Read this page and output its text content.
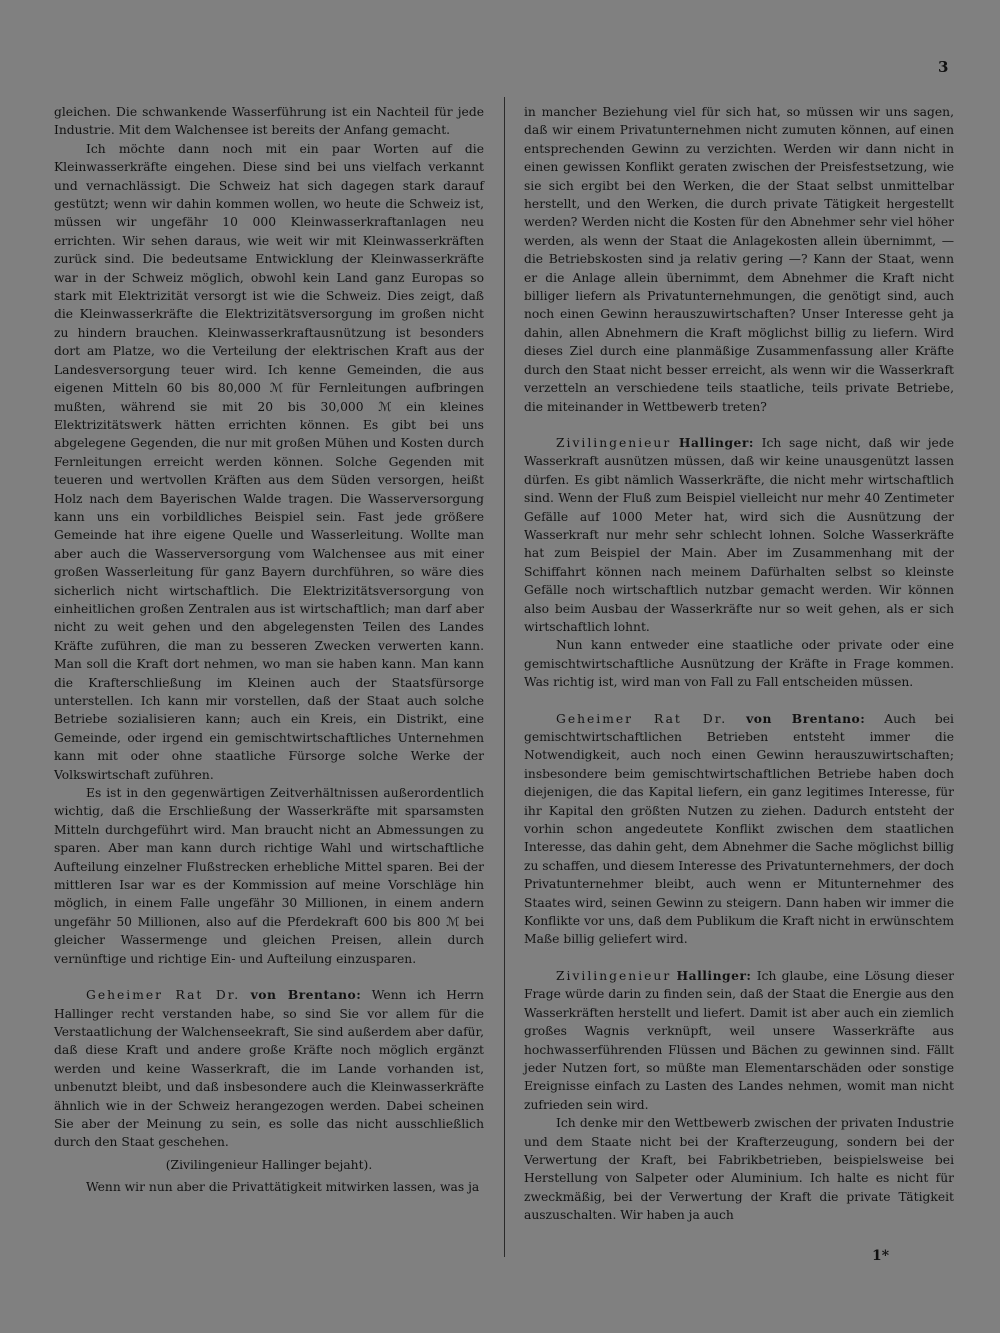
3

gleichen. Die schwankende Wasserführung ist ein Nachteil für jede Industrie. Mit dem Walchensee ist bereits der Anfang gemacht.

Ich möchte dann noch mit ein paar Worten auf die Kleinwasserkräfte eingehen. Diese sind bei uns vielfach verkannt und vernachlässigt. Die Schweiz hat sich dagegen stark darauf gestützt; wenn wir dahin kommen wollen, wo heute die Schweiz ist, müssen wir ungefähr 10 000 Kleinwasserkraftanlagen neu errichten. Wir sehen daraus, wie weit wir mit Kleinwasserkräften zurück sind. Die bedeutsame Entwicklung der Kleinwasserkräfte war in der Schweiz möglich, obwohl kein Land ganz Europas so stark mit Elektrizität versorgt ist wie die Schweiz. Dies zeigt, daß die Kleinwasserkräfte die Elektrizitätsversorgung im großen nicht zu hindern brauchen. Kleinwasserkraftausnützung ist besonders dort am Platze, wo die Verteilung der elektrischen Kraft aus der Landesversorgung teuer wird. Ich kenne Gemeinden, die aus eigenen Mitteln 60 bis 80,000 ℳ für Fernleitungen aufbringen mußten, während sie mit 20 bis 30,000 ℳ ein kleines Elektrizitätswerk hätten errichten können. Es gibt bei uns abgelegene Gegenden, die nur mit großen Mühen und Kosten durch Fernleitungen erreicht werden können. Solche Gegenden mit teueren und wertvollen Kräften aus dem Süden versorgen, heißt Holz nach dem Bayerischen Walde tragen. Die Wasserversorgung kann uns ein vorbildliches Beispiel sein. Fast jede größere Gemeinde hat ihre eigene Quelle und Wasserleitung. Wollte man aber auch die Wasserversorgung vom Walchensee aus mit einer großen Wasserleitung für ganz Bayern durchführen, so wäre dies sicherlich nicht wirtschaftlich. Die Elektrizitätsversorgung von einheitlichen großen Zentralen aus ist wirtschaftlich; man darf aber nicht zu weit gehen und den abgelegensten Teilen des Landes Kräfte zuführen, die man zu besseren Zwecken verwerten kann. Man soll die Kraft dort nehmen, wo man sie haben kann. Man kann die Krafterschließung im Kleinen auch der Staatsfürsorge unterstellen. Ich kann mir vorstellen, daß der Staat auch solche Betriebe sozialisieren kann; auch ein Kreis, ein Distrikt, eine Gemeinde, oder irgend ein gemischtwirtschaftliches Unternehmen kann mit oder ohne staatliche Fürsorge solche Werke der Volkswirtschaft zuführen.

Es ist in den gegenwärtigen Zeitverhältnissen außerordentlich wichtig, daß die Erschließung der Wasserkräfte mit sparsamsten Mitteln durchgeführt wird. Man braucht nicht an Abmessungen zu sparen. Aber man kann durch richtige Wahl und wirtschaftliche Aufteilung einzelner Flußstrecken erhebliche Mittel sparen. Bei der mittleren Isar war es der Kommission auf meine Vorschläge hin möglich, in einem Falle ungefähr 30 Millionen, in einem andern ungefähr 50 Millionen, also auf die Pferdekraft 600 bis 800 ℳ bei gleicher Wassermenge und gleichen Preisen, allein durch vernünftige und richtige Ein- und Aufteilung einzusparen.

Geheimer Rat Dr. von Brentano: Wenn ich Herrn Hallinger recht verstanden habe, so sind Sie vor allem für die Verstaatlichung der Walchenseekraft, Sie sind außerdem aber dafür, daß diese Kraft und andere große Kräfte noch möglich ergänzt werden und keine Wasserkraft, die im Lande vorhanden ist, unbenutzt bleibt, und daß insbesondere auch die Kleinwasserkräfte ähnlich wie in der Schweiz herangezogen werden. Dabei scheinen Sie aber der Meinung zu sein, es solle das nicht ausschließlich durch den Staat geschehen.

(Zivilingenieur Hallinger bejaht).

Wenn wir nun aber die Privattätigkeit mitwirken lassen, was ja

in mancher Beziehung viel für sich hat, so müssen wir uns sagen, daß wir einem Privatunternehmen nicht zumuten können, auf einen entsprechenden Gewinn zu verzichten. Werden wir dann nicht in einen gewissen Konflikt geraten zwischen der Preisfestsetzung, wie sie sich ergibt bei den Werken, die der Staat selbst unmittelbar herstellt, und den Werken, die durch private Tätigkeit hergestellt werden? Werden nicht die Kosten für den Abnehmer sehr viel höher werden, als wenn der Staat die Anlagekosten allein übernimmt, — die Betriebskosten sind ja relativ gering —? Kann der Staat, wenn er die Anlage allein übernimmt, dem Abnehmer die Kraft nicht billiger liefern als Privatunternehmungen, die genötigt sind, auch noch einen Gewinn herauszuwirtschaften? Unser Interesse geht ja dahin, allen Abnehmern die Kraft möglichst billig zu liefern. Wird dieses Ziel durch eine planmäßige Zusammenfassung aller Kräfte durch den Staat nicht besser erreicht, als wenn wir die Wasserkraft verzetteln an verschiedene teils staatliche, teils private Betriebe, die miteinander in Wettbewerb treten?

Zivilingenieur Hallinger: Ich sage nicht, daß wir jede Wasserkraft ausnützen müssen, daß wir keine unausgenützt lassen dürfen. Es gibt nämlich Wasserkräfte, die nicht mehr wirtschaftlich sind. Wenn der Fluß zum Beispiel vielleicht nur mehr 40 Zentimeter Gefälle auf 1000 Meter hat, wird sich die Ausnützung der Wasserkraft nur mehr sehr schlecht lohnen. Solche Wasserkräfte hat zum Beispiel der Main. Aber im Zusammenhang mit der Schiffahrt können nach meinem Dafürhalten selbst so kleinste Gefälle noch wirtschaftlich nutzbar gemacht werden. Wir können also beim Ausbau der Wasserkräfte nur so weit gehen, als er sich wirtschaftlich lohnt.

Nun kann entweder eine staatliche oder private oder eine gemischtwirtschaftliche Ausnützung der Kräfte in Frage kommen. Was richtig ist, wird man von Fall zu Fall entscheiden müssen.

Geheimer Rat Dr. von Brentano: Auch bei gemischtwirtschaftlichen Betrieben entsteht immer die Notwendigkeit, auch noch einen Gewinn herauszuwirtschaften; insbesondere beim gemischtwirtschaftlichen Betriebe haben doch diejenigen, die das Kapital liefern, ein ganz legitimes Interesse, für ihr Kapital den größten Nutzen zu ziehen. Dadurch entsteht der vorhin schon angedeutete Konflikt zwischen dem staatlichen Interesse, das dahin geht, dem Abnehmer die Sache möglichst billig zu schaffen, und diesem Interesse des Privatunternehmers, der doch Privatunternehmer bleibt, auch wenn er Mitunternehmer des Staates wird, seinen Gewinn zu steigern. Dann haben wir immer die Konflikte vor uns, daß dem Publikum die Kraft nicht in erwünschtem Maße billig geliefert wird.

Zivilingenieur Hallinger: Ich glaube, eine Lösung dieser Frage würde darin zu finden sein, daß der Staat die Energie aus den Wasserkräften herstellt und liefert. Damit ist aber auch ein ziemlich großes Wagnis verknüpft, weil unsere Wasserkräfte aus hochwasserführenden Flüssen und Bächen zu gewinnen sind. Fällt jeder Nutzen fort, so müßte man Elementarschäden oder sonstige Ereignisse einfach zu Lasten des Landes nehmen, womit man nicht zufrieden sein wird.

Ich denke mir den Wettbewerb zwischen der privaten Industrie und dem Staate nicht bei der Krafterzeugung, sondern bei der Verwertung der Kraft, bei Fabrikbetrieben, beispielsweise bei Herstellung von Salpeter oder Aluminium. Ich halte es nicht für zweckmäßig, bei der Verwertung der Kraft die private Tätigkeit auszuschalten. Wir haben ja auch

1*
